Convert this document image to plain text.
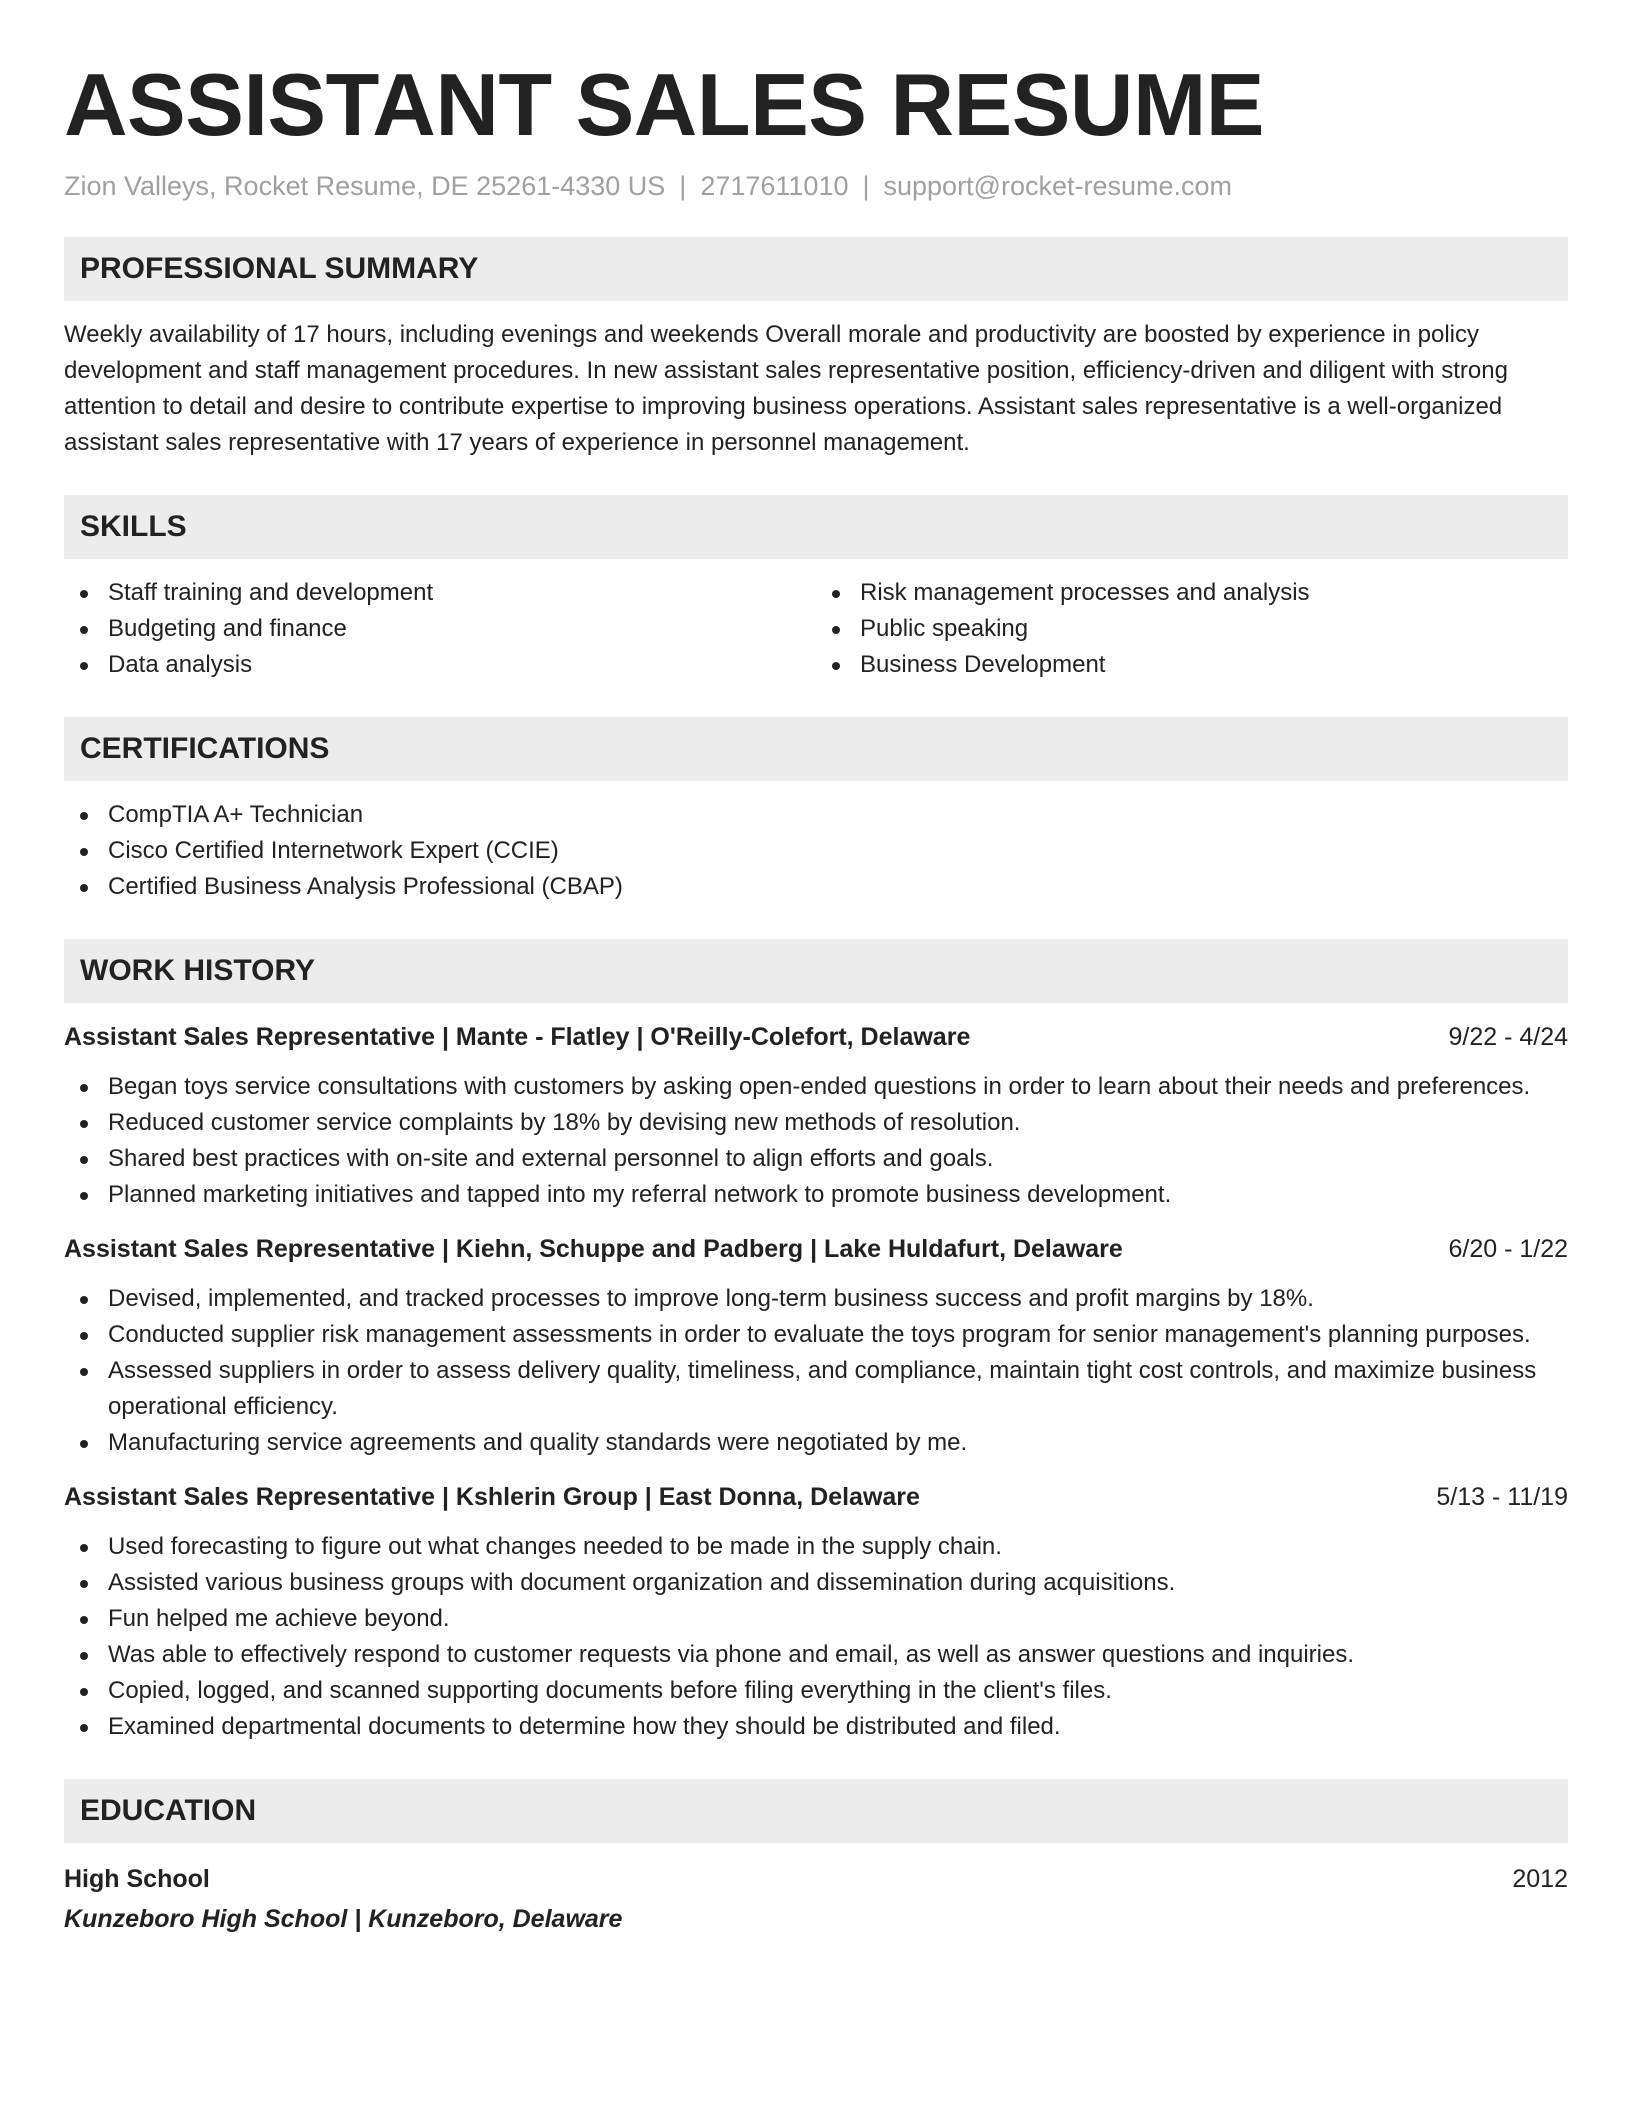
ASSISTANT SALES RESUME
Zion Valleys, Rocket Resume, DE 25261-4330 US | 2717611010 | support@rocket-resume.com
PROFESSIONAL SUMMARY
Weekly availability of 17 hours, including evenings and weekends Overall morale and productivity are boosted by experience in policy development and staff management procedures. In new assistant sales representative position, efficiency-driven and diligent with strong attention to detail and desire to contribute expertise to improving business operations. Assistant sales representative is a well-organized assistant sales representative with 17 years of experience in personnel management.
SKILLS
Staff training and development
Budgeting and finance
Data analysis
Risk management processes and analysis
Public speaking
Business Development
CERTIFICATIONS
CompTIA A+ Technician
Cisco Certified Internetwork Expert (CCIE)
Certified Business Analysis Professional (CBAP)
WORK HISTORY
Assistant Sales Representative | Mante - Flatley | O'Reilly-Colefort, Delaware	9/22 - 4/24
Began toys service consultations with customers by asking open-ended questions in order to learn about their needs and preferences.
Reduced customer service complaints by 18% by devising new methods of resolution.
Shared best practices with on-site and external personnel to align efforts and goals.
Planned marketing initiatives and tapped into my referral network to promote business development.
Assistant Sales Representative | Kiehn, Schuppe and Padberg | Lake Huldafurt, Delaware	6/20 - 1/22
Devised, implemented, and tracked processes to improve long-term business success and profit margins by 18%.
Conducted supplier risk management assessments in order to evaluate the toys program for senior management's planning purposes.
Assessed suppliers in order to assess delivery quality, timeliness, and compliance, maintain tight cost controls, and maximize business operational efficiency.
Manufacturing service agreements and quality standards were negotiated by me.
Assistant Sales Representative | Kshlerin Group | East Donna, Delaware	5/13 - 11/19
Used forecasting to figure out what changes needed to be made in the supply chain.
Assisted various business groups with document organization and dissemination during acquisitions.
Fun helped me achieve beyond.
Was able to effectively respond to customer requests via phone and email, as well as answer questions and inquiries.
Copied, logged, and scanned supporting documents before filing everything in the client's files.
Examined departmental documents to determine how they should be distributed and filed.
EDUCATION
High School	2012
Kunzeboro High School | Kunzeboro, Delaware
